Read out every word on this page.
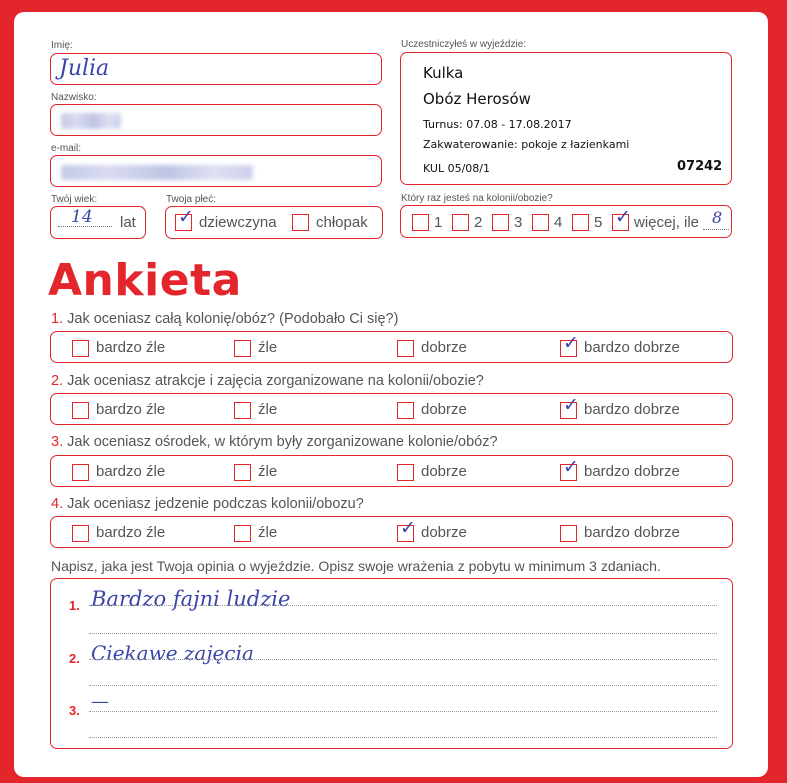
Imię:
Julia
Nazwisko:
e-mail:
Twój wiek:
14 lat
Twoja płeć:
✓ dziewczyna	chłopak
Uczestniczyłeś w wyjeździe:
Kulka
Obóz Herosów
Turnus: 07.08 - 17.08.2017
Zakwaterowanie: pokoje z łazienkami
KUL 05/08/1	07242
Który raz jesteś na kolonii/obozie?
1 2 3 4 5 ✓ więcej, ile 8
Ankieta
1. Jak oceniasz całą kolonię/obóz? (Podobało Ci się?)
bardzo źle	źle	dobrze	✓ bardzo dobrze
2. Jak oceniasz atrakcje i zajęcia zorganizowane na kolonii/obozie?
bardzo źle	źle	dobrze	✓ bardzo dobrze
3. Jak oceniasz ośrodek, w którym były zorganizowane kolonie/obóz?
bardzo źle	źle	dobrze	✓ bardzo dobrze
4. Jak oceniasz jedzenie podczas kolonii/obozu?
bardzo źle	źle	✓ dobrze	bardzo dobrze
Napisz, jaka jest Twoja opinia o wyjeździe. Opisz swoje wrażenia z pobytu w minimum 3 zdaniach.
1. Bardzo fajni ludzie
2. Ciekawe zajęcia
3. —
